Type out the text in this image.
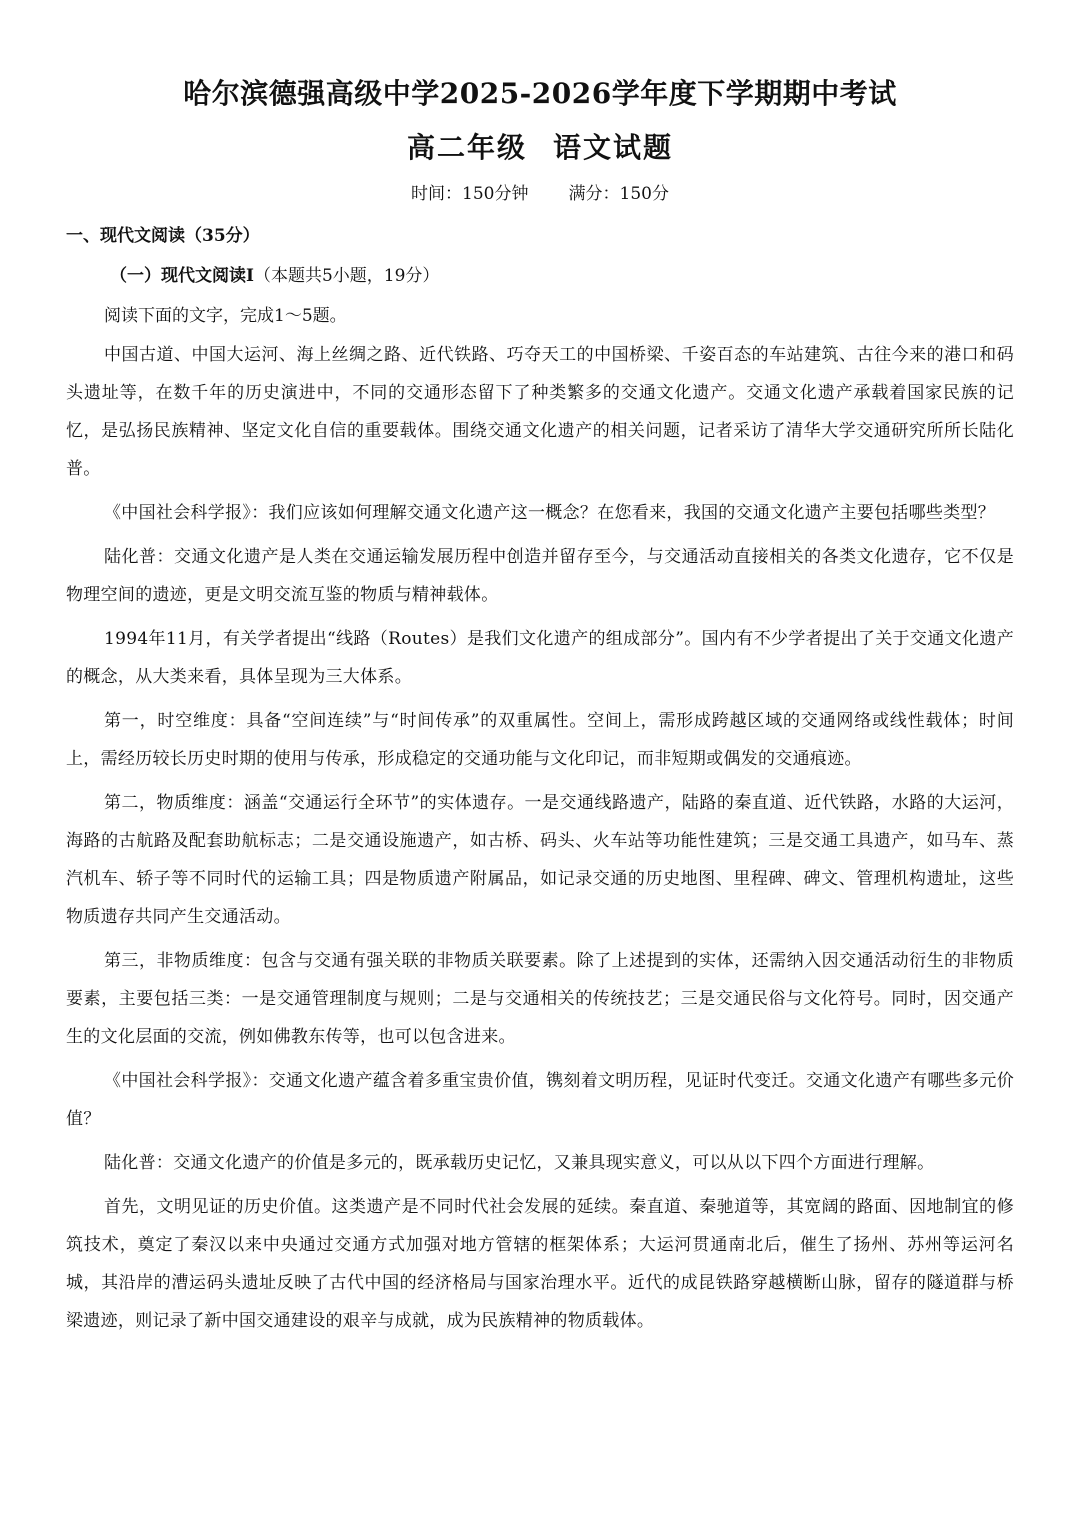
哈尔滨德强高级中学2025-2026学年度下学期期中考试
高二年级 语文试题
时间：150分钟 满分：150分
一、现代文阅读（35分）
（一）现代文阅读Ⅰ（本题共5小题，19分）
阅读下面的文字，完成1～5题。

中国古道、中国大运河、海上丝绸之路、近代铁路、巧夺天工的中国桥梁、千姿百态的车站建筑、古往今来的港口和码头遗址等，在数千年的历史演进中，不同的交通形态留下了种类繁多的交通文化遗产。交通文化遗产承载着国家民族的记忆，是弘扬民族精神、坚定文化自信的重要载体。围绕交通文化遗产的相关问题，记者采访了清华大学交通研究所所长陆化普。

《中国社会科学报》：我们应该如何理解交通文化遗产这一概念？在您看来，我国的交通文化遗产主要包括哪些类型？

陆化普：交通文化遗产是人类在交通运输发展历程中创造并留存至今，与交通活动直接相关的各类文化遗存，它不仅是物理空间的遗迹，更是文明交流互鉴的物质与精神载体。

1994年11月，有关学者提出“线路（Routes）是我们文化遗产的组成部分”。国内有不少学者提出了关于交通文化遗产的概念，从大类来看，具体呈现为三大体系。

第一，时空维度：具备“空间连续”与“时间传承”的双重属性。空间上，需形成跨越区域的交通网络或线性载体；时间上，需经历较长历史时期的使用与传承，形成稳定的交通功能与文化印记，而非短期或偶发的交通痕迹。

第二，物质维度：涵盖“交通运行全环节”的实体遗存。一是交通线路遗产，陆路的秦直道、近代铁路，水路的大运河，海路的古航路及配套助航标志；二是交通设施遗产，如古桥、码头、火车站等功能性建筑；三是交通工具遗产，如马车、蒸汽机车、轿子等不同时代的运输工具；四是物质遗产附属品，如记录交通的历史地图、里程碑、碑文、管理机构遗址，这些物质遗存共同产生交通活动。

第三，非物质维度：包含与交通有强关联的非物质关联要素。除了上述提到的实体，还需纳入因交通活动衍生的非物质要素，主要包括三类：一是交通管理制度与规则；二是与交通相关的传统技艺；三是交通民俗与文化符号。同时，因交通产生的文化层面的交流，例如佛教东传等，也可以包含进来。

《中国社会科学报》：交通文化遗产蕴含着多重宝贵价值，镌刻着文明历程，见证时代变迁。交通文化遗产有哪些多元价值？

陆化普：交通文化遗产的价值是多元的，既承载历史记忆，又兼具现实意义，可以从以下四个方面进行理解。

首先，文明见证的历史价值。这类遗产是不同时代社会发展的延续。秦直道、秦驰道等，其宽阔的路面、因地制宜的修筑技术，奠定了秦汉以来中央通过交通方式加强对地方管辖的框架体系；大运河贯通南北后，催生了扬州、苏州等运河名城，其沿岸的漕运码头遗址反映了古代中国的经济格局与国家治理水平。近代的成昆铁路穿越横断山脉，留存的隧道群与桥梁遗迹，则记录了新中国交通建设的艰辛与成就，成为民族精神的物质载体。
